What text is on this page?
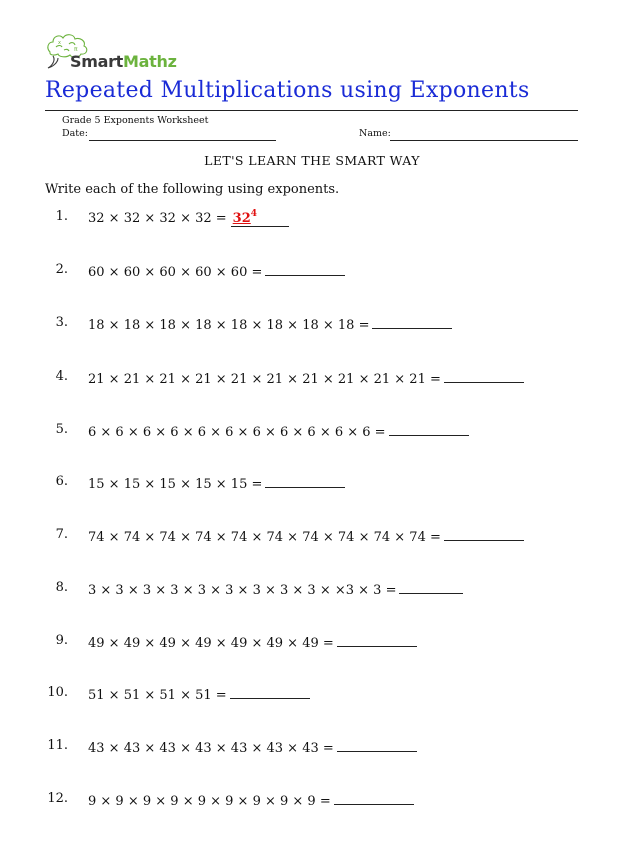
π
x
SmartMathz
Repeated Multiplications using Exponents
Grade 5 Exponents Worksheet
Date:	Name:
LET'S LEARN THE SMART WAY
Write each of the following using exponents.
1. $32 \times 32 \times 32 \times 32 = 32^4$
2. 60 × 60 × 60 × 60 × 60 =
3. 18 × 18 × 18 × 18 × 18 × 18 × 18 × 18 =
4. 21 × 21 × 21 × 21 × 21 × 21 × 21 × 21 × 21 × 21 =
5. 6 × 6 × 6 × 6 × 6 × 6 × 6 × 6 × 6 × 6 × 6 =
6. 15 × 15 × 15 × 15 × 15 =
7. 74 × 74 × 74 × 74 × 74 × 74 × 74 × 74 × 74 × 74 =
8. 3 × 3 × 3 × 3 × 3 × 3 × 3 × 3 × 3 × ×3 × 3 =
9. 49 × 49 × 49 × 49 × 49 × 49 × 49 =
10. 51 × 51 × 51 × 51 =
11. 43 × 43 × 43 × 43 × 43 × 43 × 43 =
12. 9 × 9 × 9 × 9 × 9 × 9 × 9 × 9 × 9 =
